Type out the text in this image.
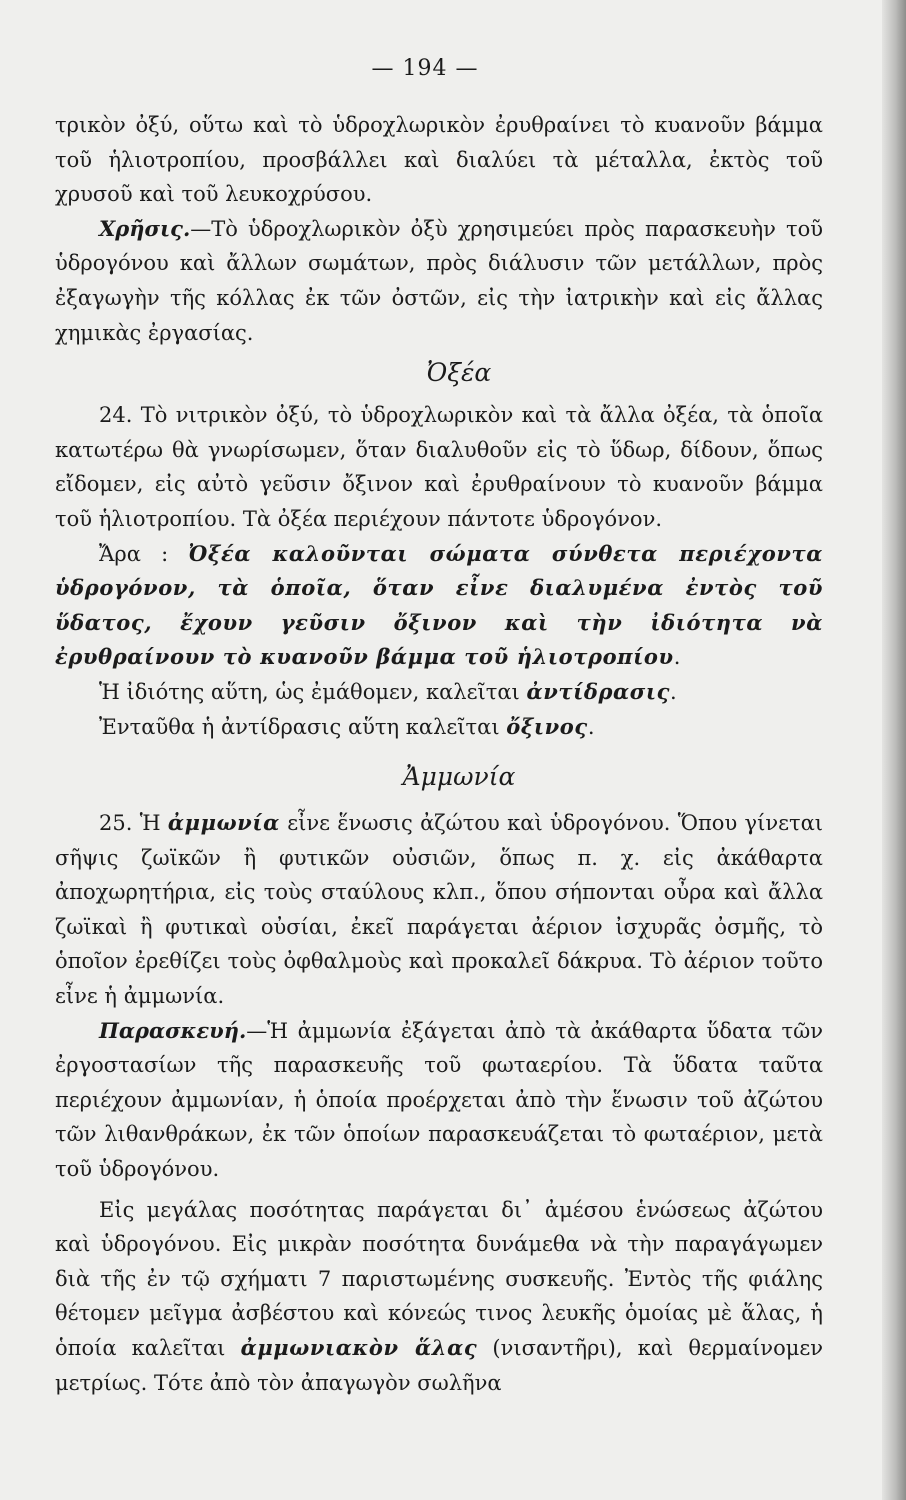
— 194 —

τρικὸν ὀξύ, οὕτω καὶ τὸ ὑδροχλωρικὸν ἐρυθραίνει τὸ κυανοῦν βάμμα τοῦ ἡλιοτροπίου, προσβάλλει καὶ διαλύει τὰ μέταλλα, ἐκτὸς τοῦ χρυσοῦ καὶ τοῦ λευκοχρύσου.

Χρῆσις.—Τὸ ὑδροχλωρικὸν ὀξὺ χρησιμεύει πρὸς παρασκευὴν τοῦ ὑδρογόνου καὶ ἄλλων σωμάτων, πρὸς διάλυσιν τῶν μετάλλων, πρὸς ἐξαγωγὴν τῆς κόλλας ἐκ τῶν ὀστῶν, εἰς τὴν ἰατρικὴν καὶ εἰς ἄλλας χημικὰς ἐργασίας.

Ὀξέα

24. Τὸ νιτρικὸν ὀξύ, τὸ ὑδροχλωρικὸν καὶ τὰ ἄλλα ὀξέα, τὰ ὁποῖα κατωτέρω θὰ γνωρίσωμεν, ὅταν διαλυθοῦν εἰς τὸ ὕδωρ, δίδουν, ὅπως εἴδομεν, εἰς αὐτὸ γεῦσιν ὄξινον καὶ ἐρυθραίνουν τὸ κυανοῦν βάμμα τοῦ ἡλιοτροπίου. Τὰ ὀξέα περιέχουν πάντοτε ὑδρογόνον.

Ἄρα : Ὀξέα καλοῦνται σώματα σύνθετα περιέχοντα ὑδρογόνον, τὰ ὁποῖα, ὅταν εἶνε διαλυμένα ἐντὸς τοῦ ὕδατος, ἔχουν γεῦσιν ὄξινον καὶ τὴν ἰδιότητα νὰ ἐρυθραίνουν τὸ κυανοῦν βάμμα τοῦ ἡλιοτροπίου.

Ἡ ἰδιότης αὕτη, ὡς ἐμάθομεν, καλεῖται ἀντίδρασις.

Ἐνταῦθα ἡ ἀντίδρασις αὕτη καλεῖται ὄξινος.

Ἀμμωνία

25. Ἡ ἀμμωνία εἶνε ἕνωσις ἀζώτου καὶ ὑδρογόνου. Ὅπου γίνεται σῆψις ζωϊκῶν ἢ φυτικῶν οὐσιῶν, ὅπως π. χ. εἰς ἀκάθαρτα ἀποχωρητήρια, εἰς τοὺς σταύλους κλπ., ὅπου σήπονται οὖρα καὶ ἄλλα ζωϊκαὶ ἢ φυτικαὶ οὐσίαι, ἐκεῖ παράγεται ἀέριον ἰσχυρᾶς ὀσμῆς, τὸ ὁποῖον ἐρεθίζει τοὺς ὀφθαλμοὺς καὶ προκαλεῖ δάκρυα. Τὸ ἀέριον τοῦτο εἶνε ἡ ἀμμωνία.

Παρασκευή.—Ἡ ἀμμωνία ἐξάγεται ἀπὸ τὰ ἀκάθαρτα ὕδατα τῶν ἐργοστασίων τῆς παρασκευῆς τοῦ φωταερίου. Τὰ ὕδατα ταῦτα περιέχουν ἀμμωνίαν, ἡ ὁποία προέρχεται ἀπὸ τὴν ἕνωσιν τοῦ ἀζώτου τῶν λιθανθράκων, ἐκ τῶν ὁποίων παρασκευάζεται τὸ φωταέριον, μετὰ τοῦ ὑδρογόνου.

Εἰς μεγάλας ποσότητας παράγεται δι᾽ ἀμέσου ἑνώσεως ἀζώτου καὶ ὑδρογόνου. Εἰς μικρὰν ποσότητα δυνάμεθα νὰ τὴν παραγάγωμεν διὰ τῆς ἐν τῷ σχήματι 7 παριστωμένης συσκευῆς. Ἐντὸς τῆς φιάλης θέτομεν μεῖγμα ἀσβέστου καὶ κόνεώς τινος λευκῆς ὁμοίας μὲ ἅλας, ἡ ὁποία καλεῖται ἀμμωνιακὸν ἅλας (νισαντῆρι), καὶ θερμαίνομεν μετρίως. Τότε ἀπὸ τὸν ἀπαγωγὸν σωλῆνα
